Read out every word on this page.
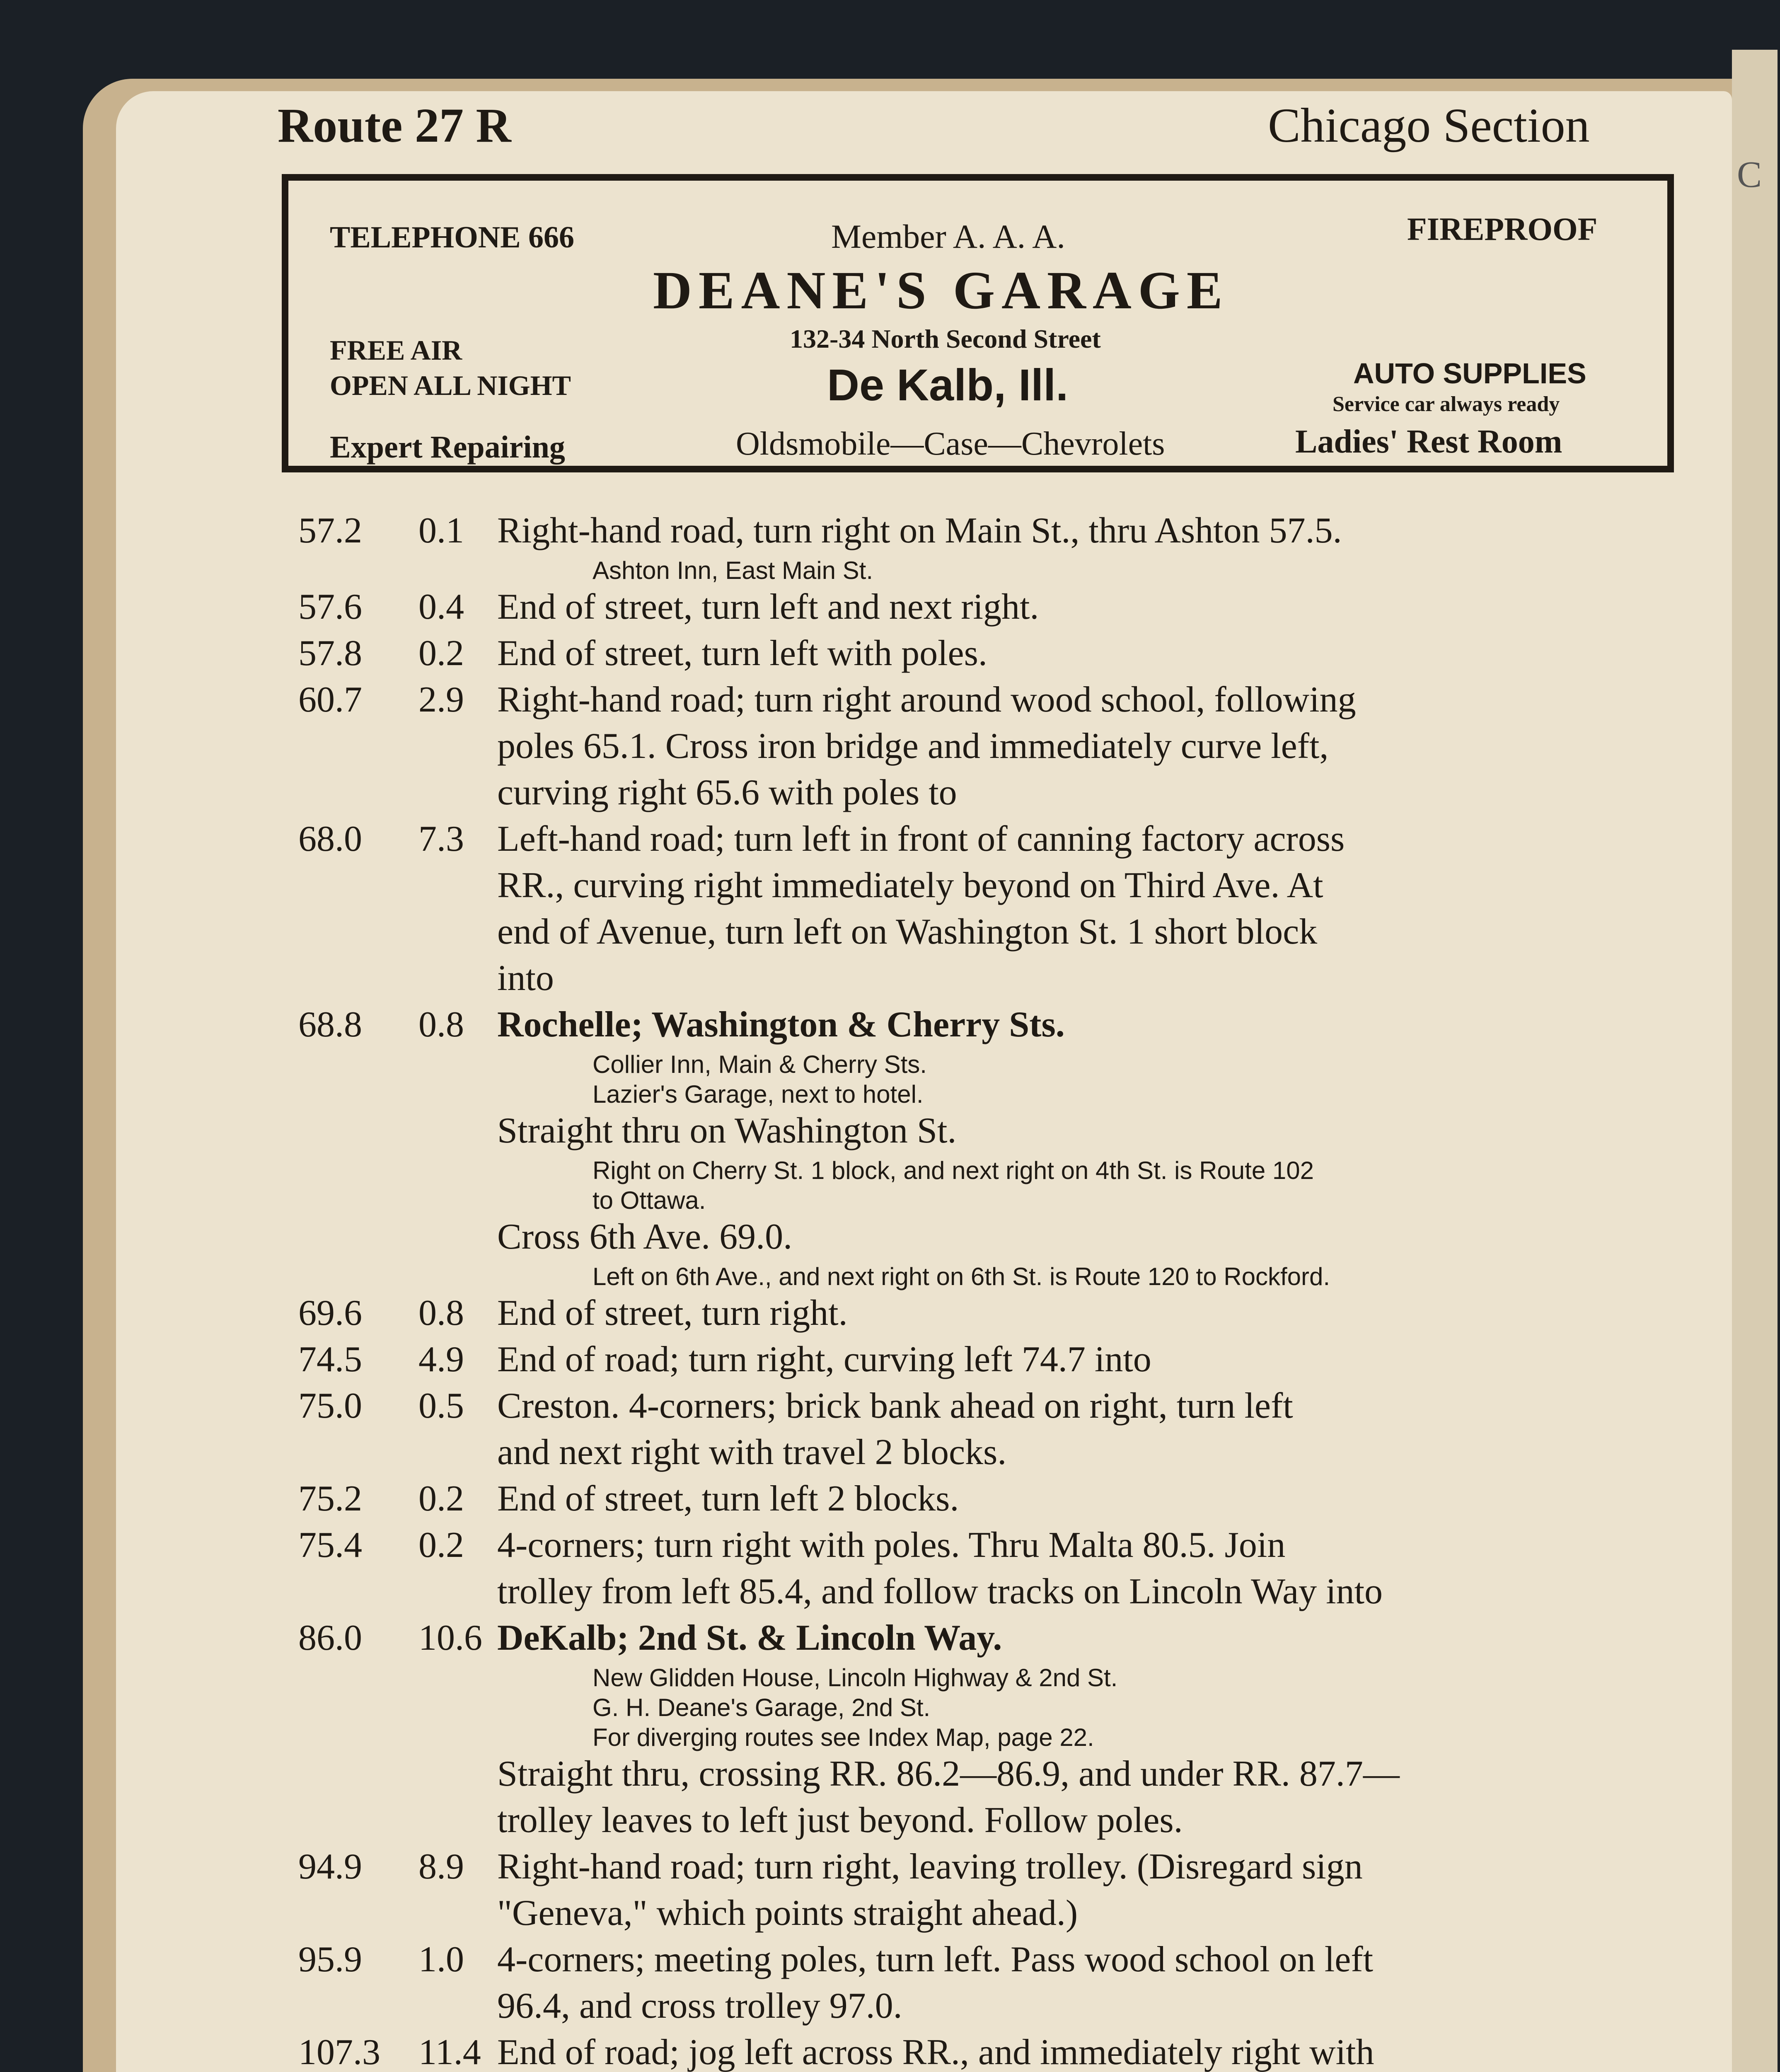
C
Route 27 R	Chicago Section
TELEPHONE 666	Member A. A. A.	FIREPROOF
DEANE'S GARAGE
FREE AIR
OPEN ALL NIGHT
132-34 North Second Street
De Kalb, Ill.	AUTO SUPPLIES
Service car always ready
Expert Repairing	Oldsmobile—Case—Chevrolets	Ladies' Rest Room
57.2 0.1 Right-hand road, turn right on Main St., thru Ashton 57.5.
Ashton Inn, East Main St.
57.6 0.4 End of street, turn left and next right.
57.8 0.2 End of street, turn left with poles.
60.7 2.9 Right-hand road; turn right around wood school, following
poles 65.1. Cross iron bridge and immediately curve left,
curving right 65.6 with poles to
68.0 7.3 Left-hand road; turn left in front of canning factory across
RR., curving right immediately beyond on Third Ave. At
end of Avenue, turn left on Washington St. 1 short block
into
68.8 0.8 Rochelle; Washington & Cherry Sts.
Collier Inn, Main & Cherry Sts.
Lazier's Garage, next to hotel.
Straight thru on Washington St.
Right on Cherry St. 1 block, and next right on 4th St. is Route 102
to Ottawa.
Cross 6th Ave. 69.0.
Left on 6th Ave., and next right on 6th St. is Route 120 to Rockford.
69.6 0.8 End of street, turn right.
74.5 4.9 End of road; turn right, curving left 74.7 into
75.0 0.5 Creston. 4-corners; brick bank ahead on right, turn left
and next right with travel 2 blocks.
75.2 0.2 End of street, turn left 2 blocks.
75.4 0.2 4-corners; turn right with poles. Thru Malta 80.5. Join
trolley from left 85.4, and follow tracks on Lincoln Way into
86.0 10.6 DeKalb; 2nd St. & Lincoln Way.
New Glidden House, Lincoln Highway & 2nd St.
G. H. Deane's Garage, 2nd St.
For diverging routes see Index Map, page 22.
Straight thru, crossing RR. 86.2—86.9, and under RR. 87.7—
trolley leaves to left just beyond. Follow poles.
94.9 8.9 Right-hand road; turn right, leaving trolley. (Disregard sign
"Geneva," which points straight ahead.)
95.9 1.0 4-corners; meeting poles, turn left. Pass wood school on left
96.4, and cross trolley 97.0.
107.3 11.4 End of road; jog left across RR., and immediately right with
